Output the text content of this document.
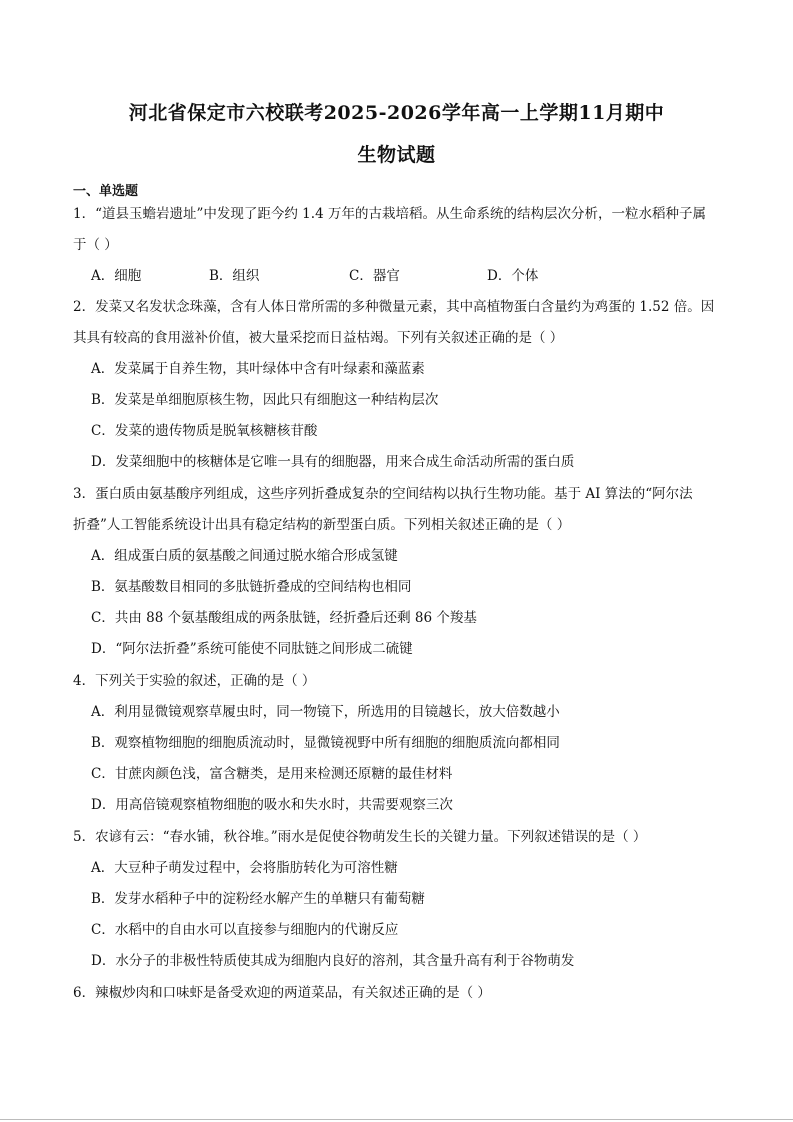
河北省保定市六校联考2025-2026学年高一上学期11月期中
生物试题
一、单选题
1．“道县玉蟾岩遗址”中发现了距今约 1.4 万年的古栽培稻。从生命系统的结构层次分析，一粒水稻种子属
于（ ）
A．细胞	B．组织	C．器官	D．个体
2．发菜又名发状念珠藻，含有人体日常所需的多种微量元素，其中高植物蛋白含量约为鸡蛋的 1.52 倍。因
其具有较高的食用滋补价值，被大量采挖而日益枯竭。下列有关叙述正确的是（ ）
A．发菜属于自养生物，其叶绿体中含有叶绿素和藻蓝素
B．发菜是单细胞原核生物，因此只有细胞这一种结构层次
C．发菜的遗传物质是脱氧核糖核苷酸
D．发菜细胞中的核糖体是它唯一具有的细胞器，用来合成生命活动所需的蛋白质
3．蛋白质由氨基酸序列组成，这些序列折叠成复杂的空间结构以执行生物功能。基于 AI 算法的“阿尔法
折叠”人工智能系统设计出具有稳定结构的新型蛋白质。下列相关叙述正确的是（ ）
A．组成蛋白质的氨基酸之间通过脱水缩合形成氢键
B．氨基酸数目相同的多肽链折叠成的空间结构也相同
C．共由 88 个氨基酸组成的两条肽链，经折叠后还剩 86 个羧基
D．“阿尔法折叠”系统可能使不同肽链之间形成二硫键
4．下列关于实验的叙述，正确的是（ ）
A．利用显微镜观察草履虫时，同一物镜下，所选用的目镜越长，放大倍数越小
B．观察植物细胞的细胞质流动时，显微镜视野中所有细胞的细胞质流向都相同
C．甘蔗肉颜色浅，富含糖类，是用来检测还原糖的最佳材料
D．用高倍镜观察植物细胞的吸水和失水时，共需要观察三次
5．农谚有云：“春水铺，秋谷堆。”雨水是促使谷物萌发生长的关键力量。下列叙述错误的是（ ）
A．大豆种子萌发过程中，会将脂肪转化为可溶性糖
B．发芽水稻种子中的淀粉经水解产生的单糖只有葡萄糖
C．水稻中的自由水可以直接参与细胞内的代谢反应
D．水分子的非极性特质使其成为细胞内良好的溶剂，其含量升高有利于谷物萌发
6．辣椒炒肉和口味虾是备受欢迎的两道菜品，有关叙述正确的是（ ）
